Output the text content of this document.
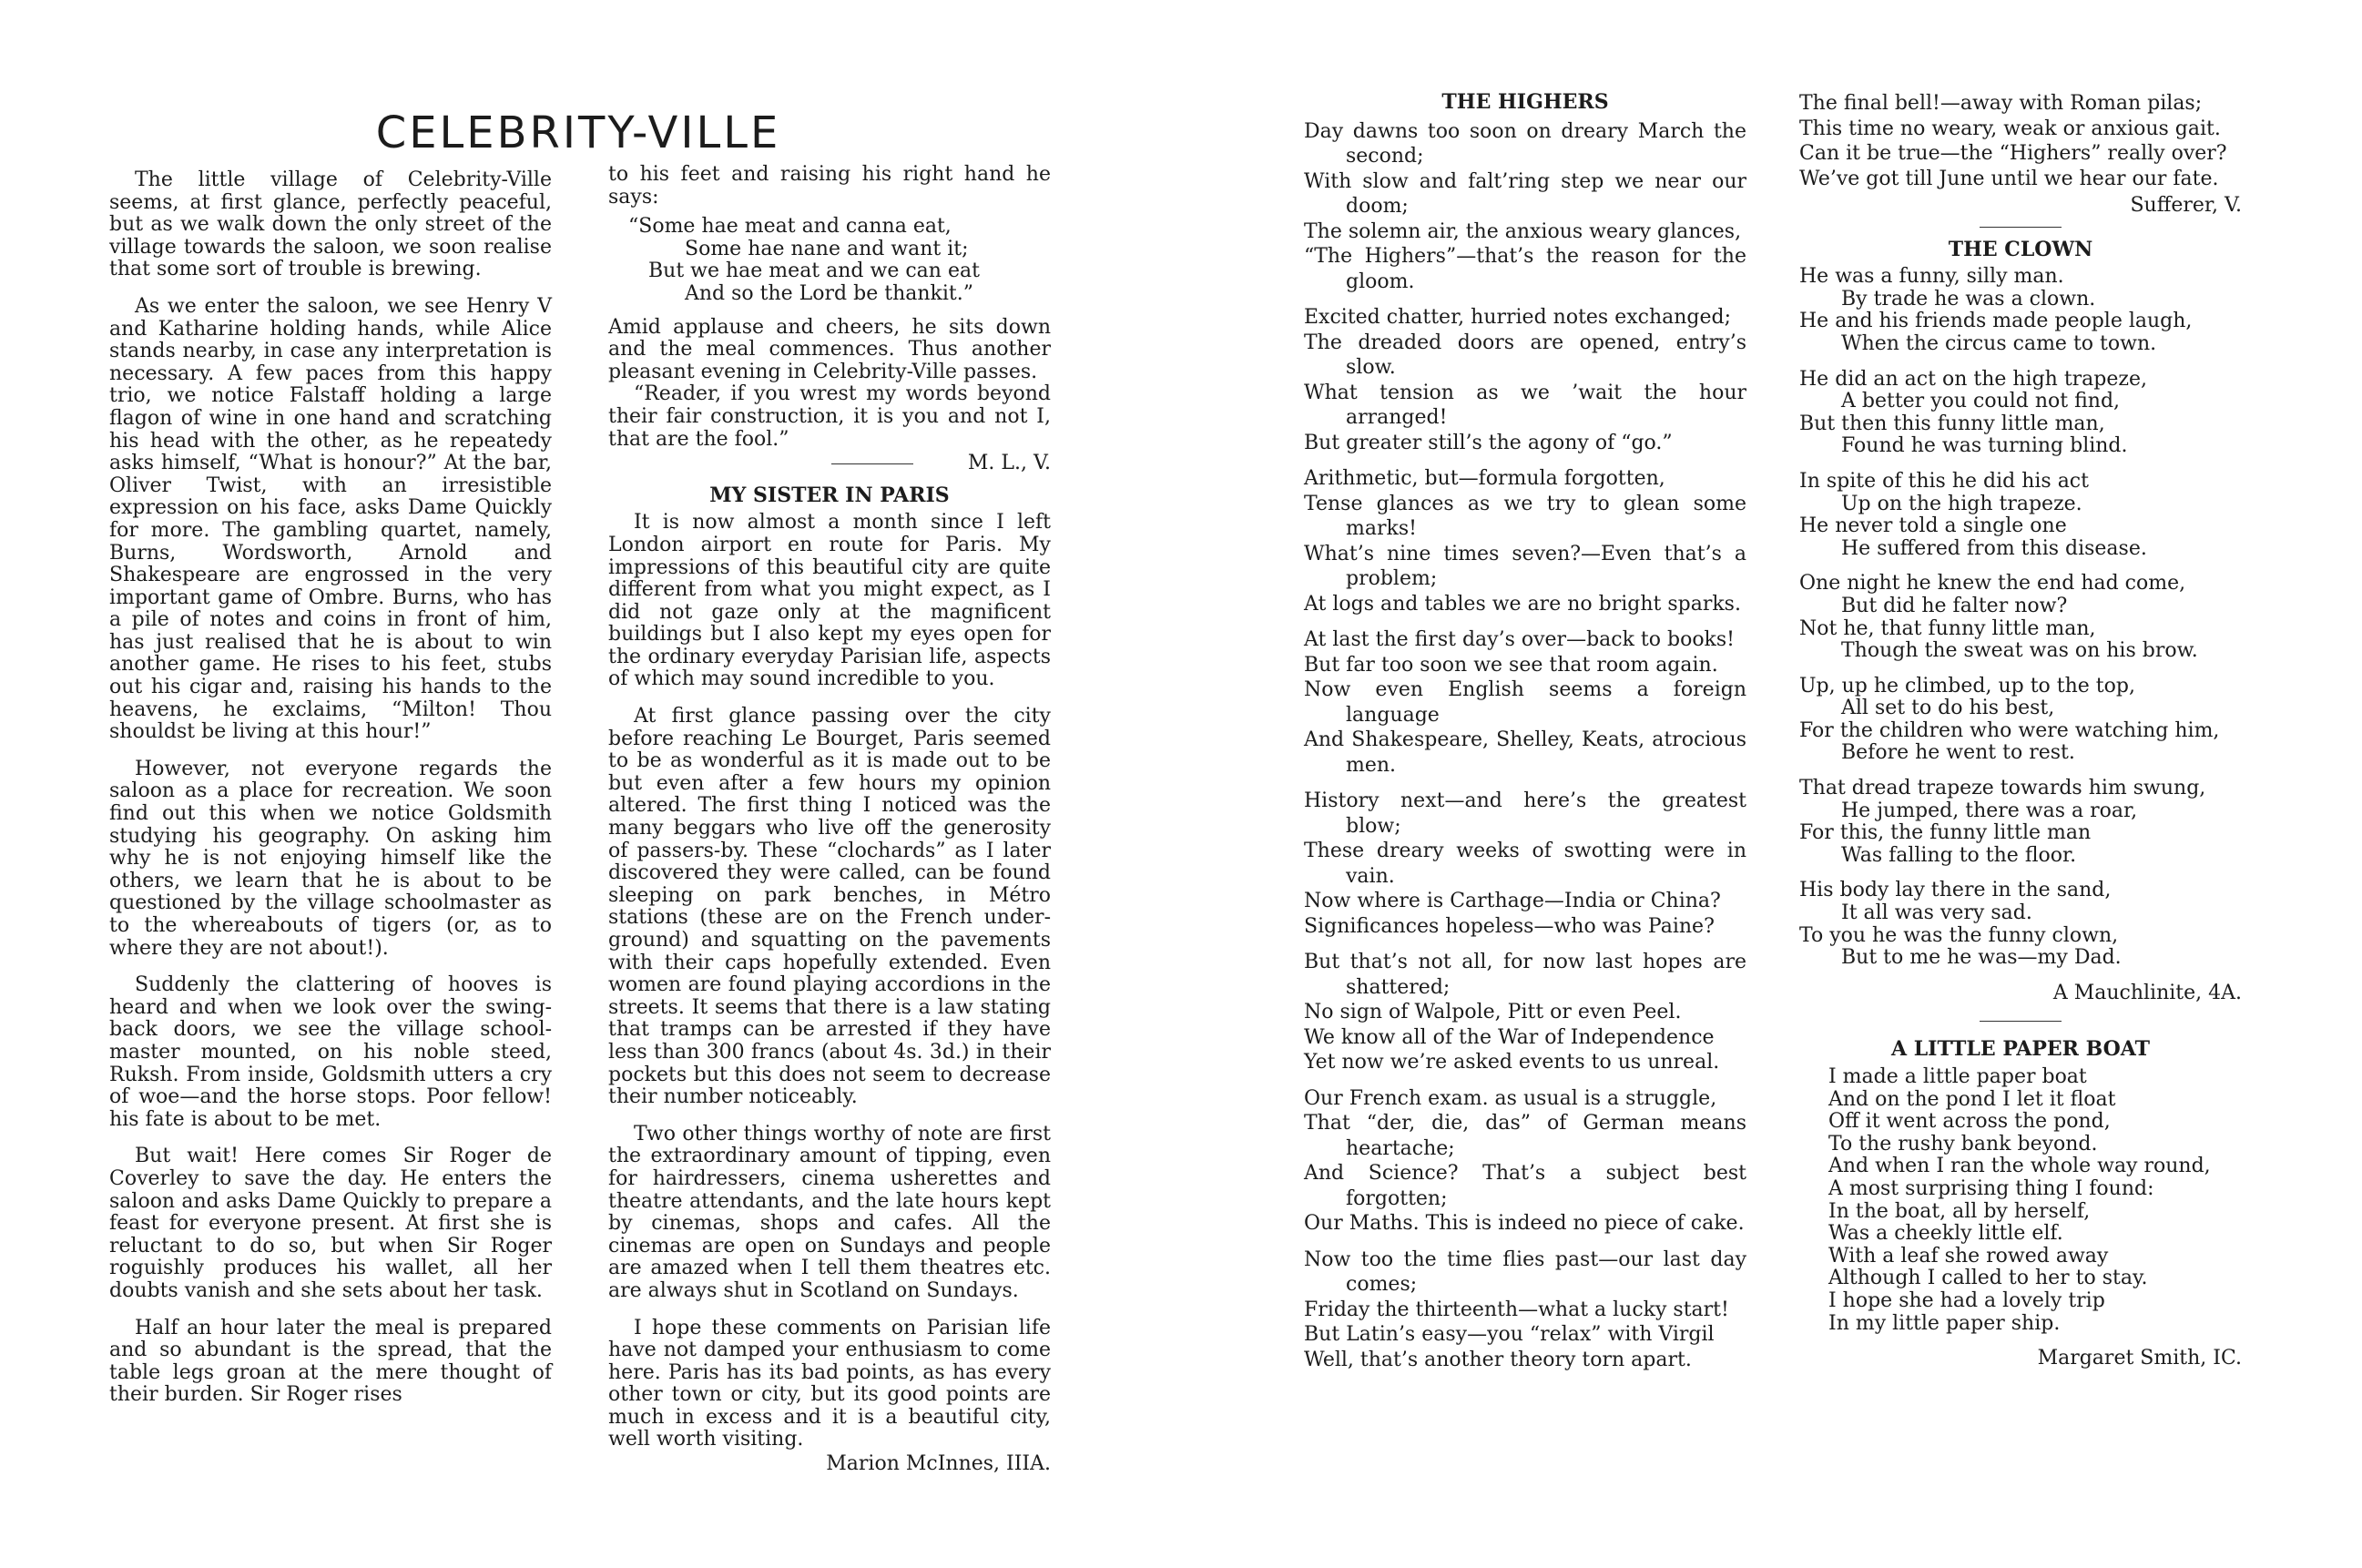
CELEBRITY-VILLE

The little village of Celebrity-Ville seems, at first glance, perfectly peaceful, but as we walk down the only street of the village towards the saloon, we soon realise that some sort of trouble is brewing.

As we enter the saloon, we see Henry V and Katharine holding hands, while Alice stands nearby, in case any interpretation is necessary. A few paces from this happy trio, we notice Falstaff holding a large flagon of wine in one hand and scratching his head with the other, as he repeatedy asks himself, “What is honour?” At the bar, Oliver Twist, with an irresistible expression on his face, asks Dame Quickly for more. The gambling quartet, namely, Burns, Wordsworth, Arnold and Shakespeare are engrossed in the very important game of Ombre. Burns, who has a pile of notes and coins in front of him, has just realised that he is about to win another game. He rises to his feet, stubs out his cigar and, raising his hands to the heavens, he exclaims, “Milton! Thou shouldst be living at this hour!”

However, not everyone regards the saloon as a place for recreation. We soon find out this when we notice Goldsmith studying his geography. On asking him why he is not enjoying himself like the others, we learn that he is about to be questioned by the village schoolmaster as to the whereabouts of tigers (or, as to where they are not about!).

Suddenly the clattering of hooves is heard and when we look over the swing-back doors, we see the village school-master mounted, on his noble steed, Ruksh. From inside, Goldsmith utters a cry of woe—and the horse stops. Poor fellow! his fate is about to be met.

But wait! Here comes Sir Roger de Coverley to save the day. He enters the saloon and asks Dame Quickly to prepare a feast for everyone present. At first she is reluctant to do so, but when Sir Roger roguishly produces his wallet, all her doubts vanish and she sets about her task.

Half an hour later the meal is prepared and so abundant is the spread, that the table legs groan at the mere thought of their burden. Sir Roger rises

to his feet and raising his right hand he says:

“Some hae meat and canna eat,
Some hae nane and want it;
But we hae meat and we can eat
And so the Lord be thankit.”

Amid applause and cheers, he sits down and the meal commences. Thus another pleasant evening in Celebrity-Ville passes.

“Reader, if you wrest my words beyond their fair construction, it is you and not I, that are the fool.”

M. L., V.
MY SISTER IN PARIS

It is now almost a month since I left London airport en route for Paris. My impressions of this beautiful city are quite different from what you might expect, as I did not gaze only at the magnificent buildings but I also kept my eyes open for the ordinary everyday Parisian life, aspects of which may sound incredible to you.

At first glance passing over the city before reaching Le Bourget, Paris seemed to be as wonderful as it is made out to be but even after a few hours my opinion altered. The first thing I noticed was the many beggars who live off the generosity of passers-by. These “clochards” as I later discovered they were called, can be found sleeping on park benches, in Métro stations (these are on the French under-ground) and squatting on the pavements with their caps hopefully extended. Even women are found playing accordions in the streets. It seems that there is a law stating that tramps can be arrested if they have less than 300 francs (about 4s. 3d.) in their pockets but this does not seem to decrease their number noticeably.

Two other things worthy of note are first the extraordinary amount of tipping, even for hairdressers, cinema usherettes and theatre attendants, and the late hours kept by cinemas, shops and cafes. All the cinemas are open on Sundays and people are amazed when I tell them theatres etc. are always shut in Scotland on Sundays.

I hope these comments on Parisian life have not damped your enthusiasm to come here. Paris has its bad points, as has every other town or city, but its good points are much in excess and it is a beautiful city, well worth visiting.

Marion McInnes, IIIA.
THE HIGHERS
Day dawns too soon on dreary March the second;
With slow and falt’ring step we near our doom;
The solemn air, the anxious weary glances,
“The Highers”—that’s the reason for the gloom.
Excited chatter, hurried notes exchanged;
The dreaded doors are opened, entry’s slow.
What tension as we ’wait the hour arranged!
But greater still’s the agony of “go.”
Arithmetic, but—formula forgotten,
Tense glances as we try to glean some marks!
What’s nine times seven?—Even that’s a problem;
At logs and tables we are no bright sparks.
At last the first day’s over—back to books!
But far too soon we see that room again.
Now even English seems a foreign language
And Shakespeare, Shelley, Keats, atrocious men.
History next—and here’s the greatest blow;
These dreary weeks of swotting were in vain.
Now where is Carthage—India or China?
Significances hopeless—who was Paine?
But that’s not all, for now last hopes are shattered;
No sign of Walpole, Pitt or even Peel.
We know all of the War of Independence
Yet now we’re asked events to us unreal.
Our French exam. as usual is a struggle,
That “der, die, das” of German means heartache;
And Science? That’s a subject best forgotten;
Our Maths. This is indeed no piece of cake.
Now too the time flies past—our last day comes;
Friday the thirteenth—what a lucky start!
But Latin’s easy—you “relax” with Virgil
Well, that’s another theory torn apart.
The final bell!—away with Roman pilas;
This time no weary, weak or anxious gait.
Can it be true—the “Highers” really over?
We’ve got till June until we hear our fate.
Sufferer, V.
THE CLOWN
He was a funny, silly man.
By trade he was a clown.
He and his friends made people laugh,
When the circus came to town.
He did an act on the high trapeze,
A better you could not find,
But then this funny little man,
Found he was turning blind.
In spite of this he did his act
Up on the high trapeze.
He never told a single one
He suffered from this disease.
One night he knew the end had come,
But did he falter now?
Not he, that funny little man,
Though the sweat was on his brow.
Up, up he climbed, up to the top,
All set to do his best,
For the children who were watching him,
Before he went to rest.
That dread trapeze towards him swung,
He jumped, there was a roar,
For this, the funny little man
Was falling to the floor.
His body lay there in the sand,
It all was very sad.
To you he was the funny clown,
But to me he was—my Dad.
A Mauchlinite, 4A.
A LITTLE PAPER BOAT
I made a little paper boat
And on the pond I let it float
Off it went across the pond,
To the rushy bank beyond.
And when I ran the whole way round,
A most surprising thing I found:
In the boat, all by herself,
Was a cheekly little elf.
With a leaf she rowed away
Although I called to her to stay.
I hope she had a lovely trip
In my little paper ship.
Margaret Smith, IC.
